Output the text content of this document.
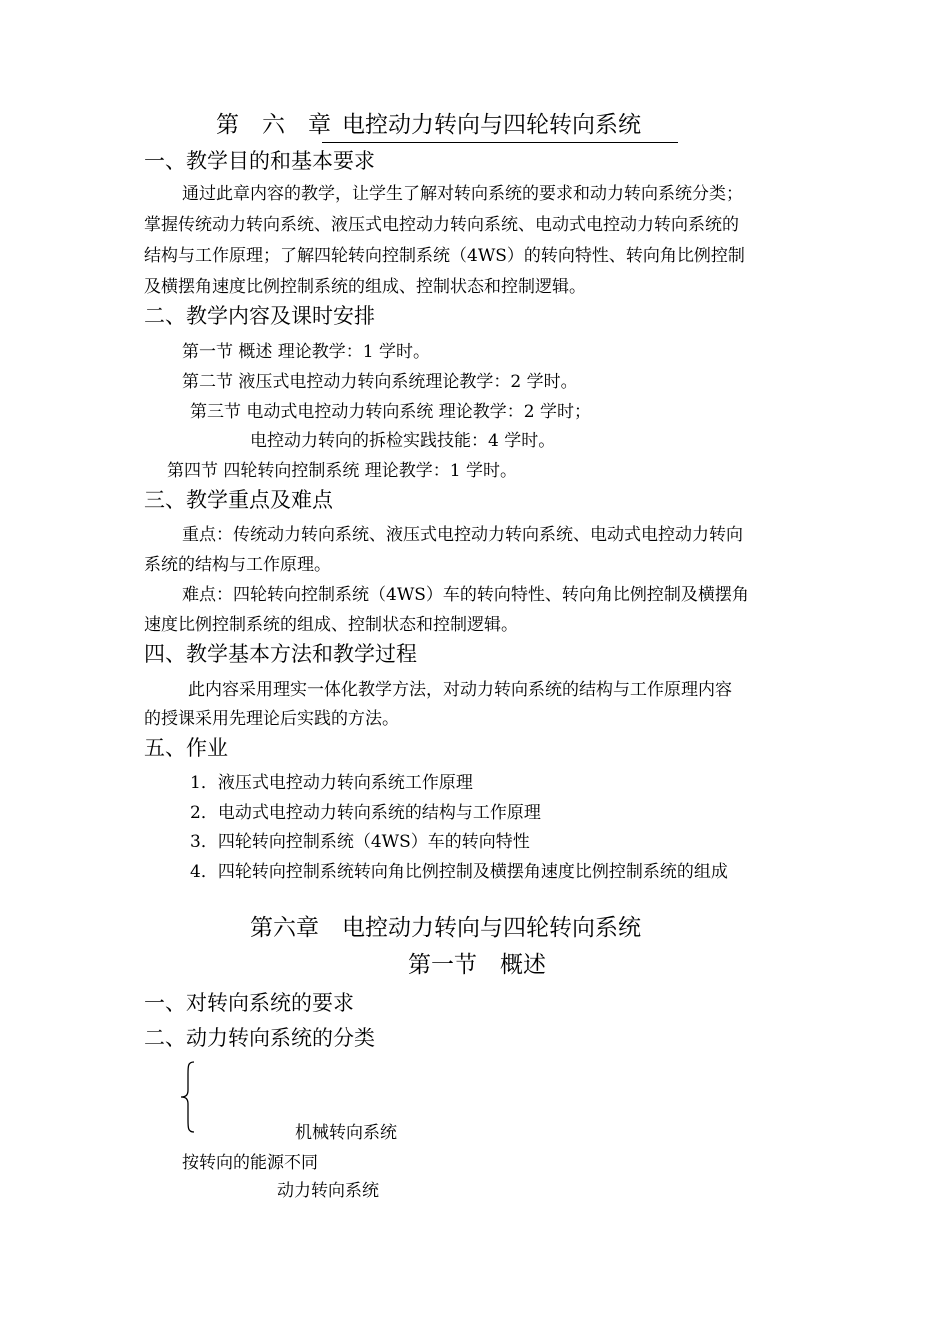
第　六　章 电控动力转向与四轮转向系统
一、教学目的和基本要求
通过此章内容的教学，让学生了解对转向系统的要求和动力转向系统分类；
掌握传统动力转向系统、液压式电控动力转向系统、电动式电控动力转向系统的
结构与工作原理；了解四轮转向控制系统（4WS）的转向特性、转向角比例控制
及横摆角速度比例控制系统的组成、控制状态和控制逻辑。
二、教学内容及课时安排
第一节 概述 理论教学：1 学时。
第二节 液压式电控动力转向系统理论教学：2 学时。
第三节 电动式电控动力转向系统 理论教学：2 学时；
电控动力转向的拆检实践技能：4 学时。
第四节 四轮转向控制系统 理论教学：1 学时。
三、教学重点及难点
重点：传统动力转向系统、液压式电控动力转向系统、电动式电控动力转向
系统的结构与工作原理。
难点：四轮转向控制系统（4WS）车的转向特性、转向角比例控制及横摆角
速度比例控制系统的组成、控制状态和控制逻辑。
四、教学基本方法和教学过程
此内容采用理实一体化教学方法，对动力转向系统的结构与工作原理内容
的授课采用先理论后实践的方法。
五、作业
1．液压式电控动力转向系统工作原理
2．电动式电控动力转向系统的结构与工作原理
3．四轮转向控制系统（4WS）车的转向特性
4．四轮转向控制系统转向角比例控制及横摆角速度比例控制系统的组成
第六章　电控动力转向与四轮转向系统
第一节　概述
一、对转向系统的要求
二、动力转向系统的分类
机械转向系统
按转向的能源不同
动力转向系统
